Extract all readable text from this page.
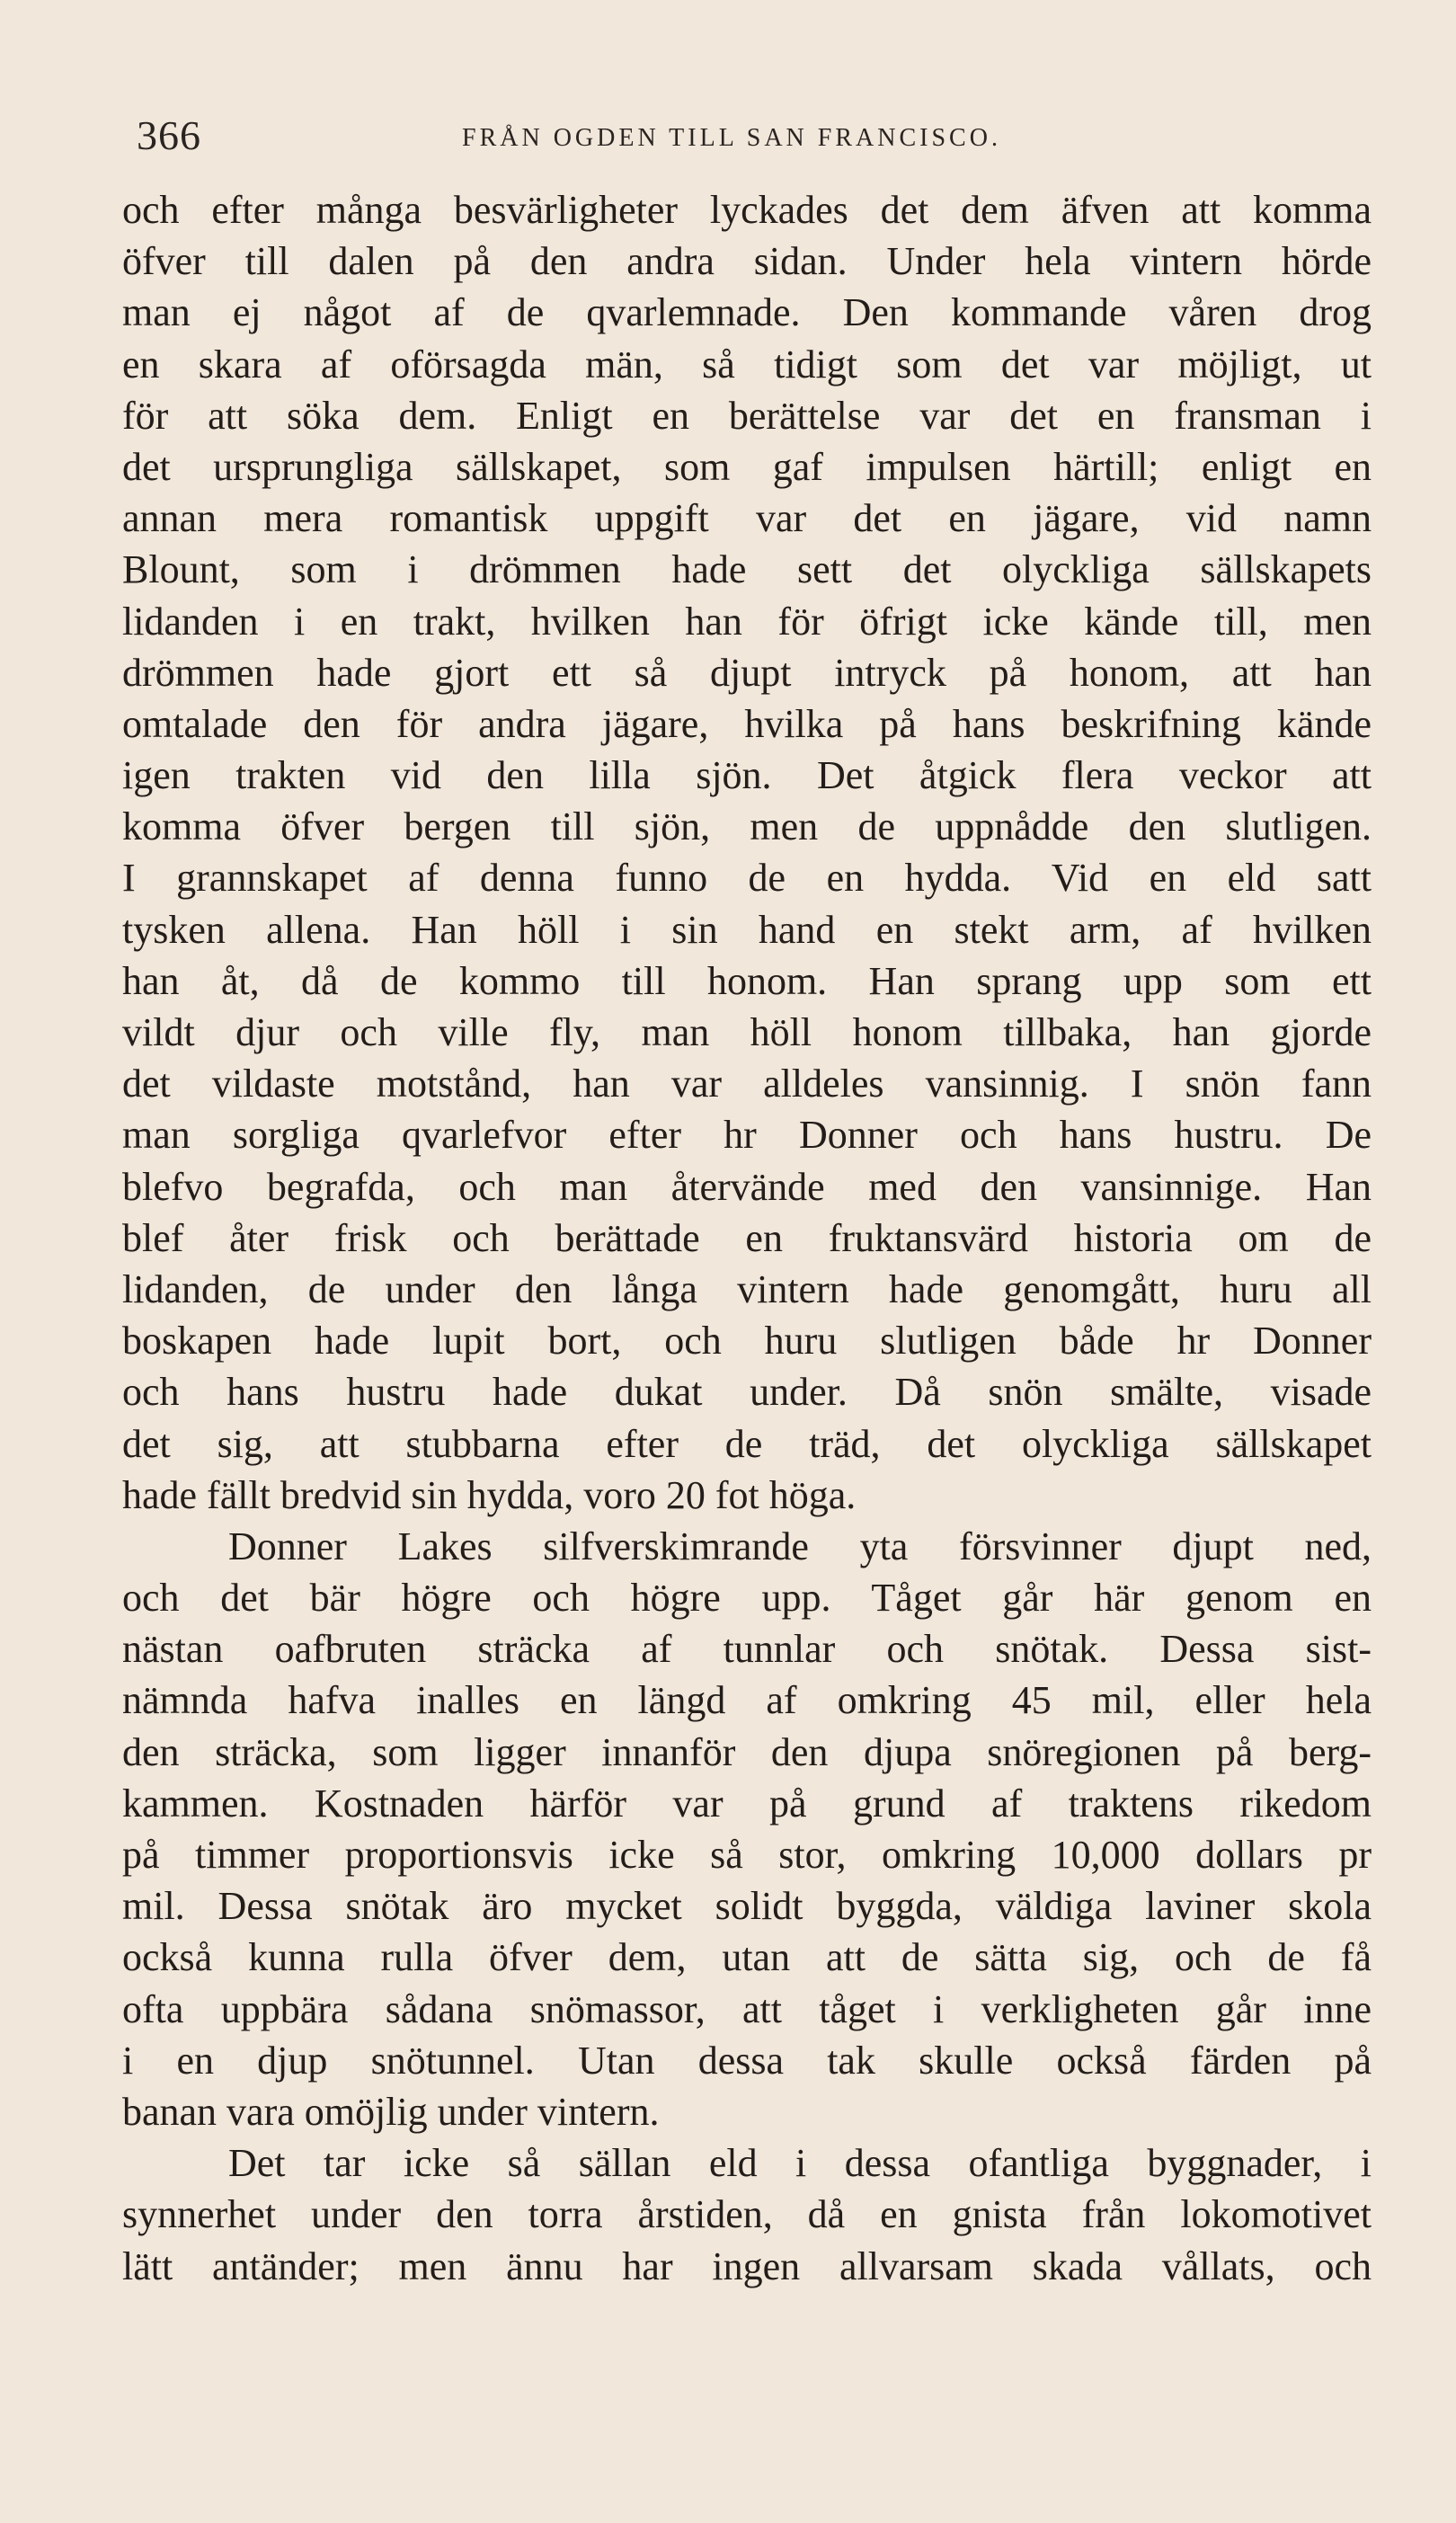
366	FRÅN OGDEN TILL SAN FRANCISCO.
och efter många besvärligheter lyckades det dem äfven att komma
öfver till dalen på den andra sidan. Under hela vintern hörde
man ej något af de qvarlemnade. Den kommande våren drog
en skara af oförsagda män, så tidigt som det var möjligt, ut
för att söka dem. Enligt en berättelse var det en fransman i
det ursprungliga sällskapet, som gaf impulsen härtill; enligt en
annan mera romantisk uppgift var det en jägare, vid namn
Blount, som i drömmen hade sett det olyckliga sällskapets
lidanden i en trakt, hvilken han för öfrigt icke kände till, men
drömmen hade gjort ett så djupt intryck på honom, att han
omtalade den för andra jägare, hvilka på hans beskrifning kände
igen trakten vid den lilla sjön. Det åtgick flera veckor att
komma öfver bergen till sjön, men de uppnådde den slutligen.
I grannskapet af denna funno de en hydda. Vid en eld satt
tysken allena. Han höll i sin hand en stekt arm, af hvilken
han åt, då de kommo till honom. Han sprang upp som ett
vildt djur och ville fly, man höll honom tillbaka, han gjorde
det vildaste motstånd, han var alldeles vansinnig. I snön fann
man sorgliga qvarlefvor efter hr Donner och hans hustru. De
blefvo begrafda, och man återvände med den vansinnige. Han
blef åter frisk och berättade en fruktansvärd historia om de
lidanden, de under den långa vintern hade genomgått, huru all
boskapen hade lupit bort, och huru slutligen både hr Donner
och hans hustru hade dukat under. Då snön smälte, visade
det sig, att stubbarna efter de träd, det olyckliga sällskapet
hade fällt bredvid sin hydda, voro 20 fot höga.
Donner Lakes silfverskimrande yta försvinner djupt ned,
och det bär högre och högre upp. Tåget går här genom en
nästan oafbruten sträcka af tunnlar och snötak. Dessa sist-
nämnda hafva inalles en längd af omkring 45 mil, eller hela
den sträcka, som ligger innanför den djupa snöregionen på berg-
kammen. Kostnaden härför var på grund af traktens rikedom
på timmer proportionsvis icke så stor, omkring 10,000 dollars pr
mil. Dessa snötak äro mycket solidt byggda, väldiga laviner skola
också kunna rulla öfver dem, utan att de sätta sig, och de få
ofta uppbära sådana snömassor, att tåget i verkligheten går inne
i en djup snötunnel. Utan dessa tak skulle också färden på
banan vara omöjlig under vintern.
Det tar icke så sällan eld i dessa ofantliga byggnader, i
synnerhet under den torra årstiden, då en gnista från lokomotivet
lätt antänder; men ännu har ingen allvarsam skada vållats, och
